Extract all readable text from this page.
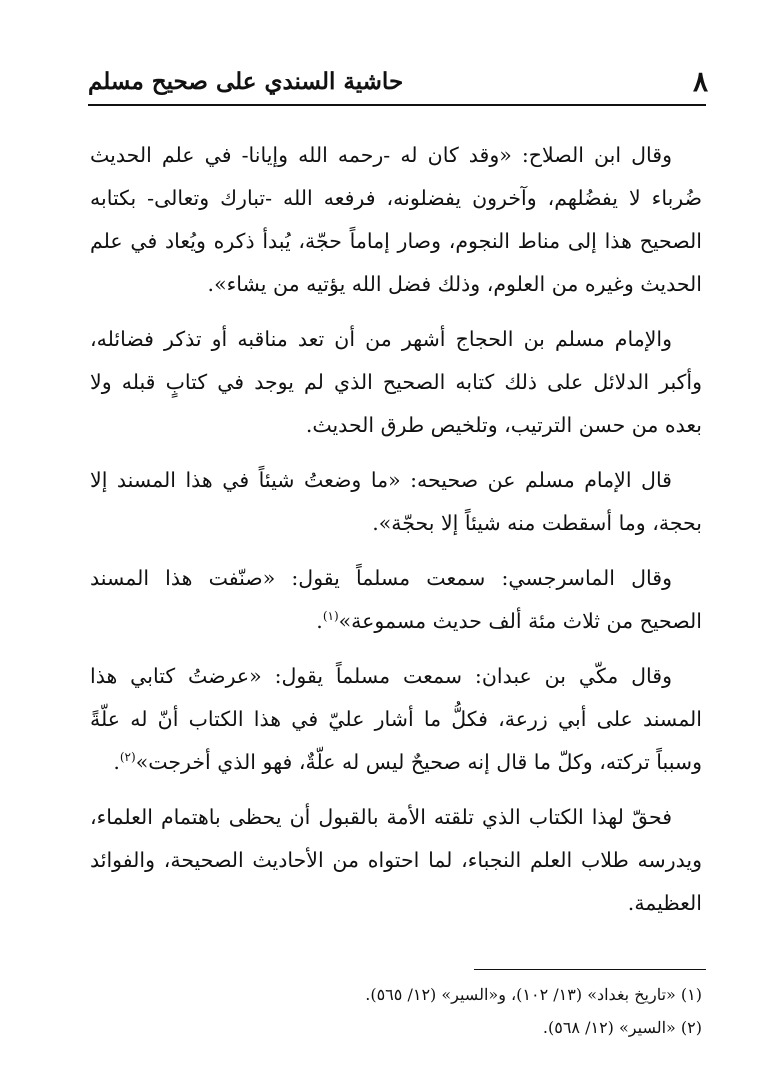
٨
حاشية السندي على صحيح مسلم

وقال ابن الصلاح: «وقد كان له -رحمه الله وإيانا- في علم الحديث ضُرباء لا يفضُلهم، وآخرون يفضلونه، فرفعه الله -تبارك وتعالى- بكتابه الصحيح هذا إلى مناط النجوم، وصار إماماً حجّة، يُبدأ ذكره ويُعاد في علم الحديث وغيره من العلوم، وذلك فضل الله يؤتيه من يشاء».

والإمام مسلم بن الحجاج أشهر من أن تعد مناقبه أو تذكر فضائله، وأكبر الدلائل على ذلك كتابه الصحيح الذي لم يوجد في كتابٍ قبله ولا بعده من حسن الترتيب، وتلخيص طرق الحديث.

قال الإمام مسلم عن صحيحه: «ما وضعتُ شيئاً في هذا المسند إلا بحجة، وما أسقطت منه شيئاً إلا بحجّة».

وقال الماسرجسي: سمعت مسلماً يقول: «صنّفت هذا المسند الصحيح من ثلاث مئة ألف حديث مسموعة»$^{(١)}$.

وقال مكّي بن عبدان: سمعت مسلماً يقول: «عرضتُ كتابي هذا المسند على أبي زرعة، فكلُّ ما أشار عليّ في هذا الكتاب أنّ له علّةً وسبباً تركته، وكلّ ما قال إنه صحيحٌ ليس له علّةٌ، فهو الذي أخرجت»$^{(٢)}$.

فحقّ لهذا الكتاب الذي تلقته الأمة بالقبول أن يحظى باهتمام العلماء، ويدرسه طلاب العلم النجباء، لما احتواه من الأحاديث الصحيحة، والفوائد العظيمة.

(١) «تاريخ بغداد» (١٣/ ١٠٢)، و«السير» (١٢/ ٥٦٥).

(٢) «السير» (١٢/ ٥٦٨).
